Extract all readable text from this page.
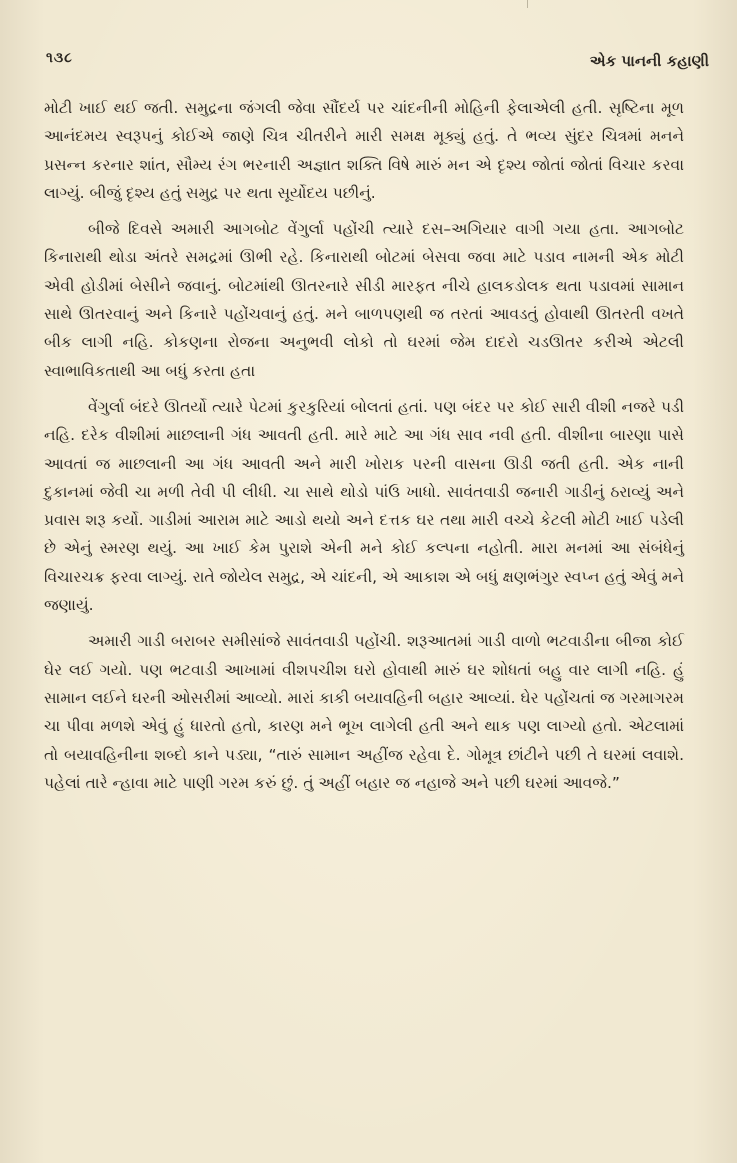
૧૩૮	એક પાનની કહાણી

મોટી ખાઈ થઈ જતી. સમુદ્રના જંગલી જેવા સૌંદર્ય પર ચાંદનીની મોહિની ફેલાએલી હતી. સૃષ્ટિના મૂળ આનંદમય સ્વરૂપનું કોઈએ જાણે ચિત્ર ચીતરીને મારી સમક્ષ મૂક્યું હતું. તે ભવ્ય સુંદર ચિત્રમાં મનને પ્રસન્ન કરનાર શાંત, સૌમ્ય રંગ ભરનારી અજ્ઞાત શક્તિ વિષે મારું મન એ દૃશ્ય જોતાં જોતાં વિચાર કરવા લાગ્યું. બીજું દૃશ્ય હતું સમુદ્ર પર થતા સૂર્યોદય પછીનું.

બીજે દિવસે અમારી આગબોટ વેંગુર્લા પહોંચી ત્યારે દસ–અગિયાર વાગી ગયા હતા. આગબોટ કિનારાથી થોડા અંતરે સમદ્રમાં ઊભી રહે. કિનારાથી બોટમાં બેસવા જવા માટે પડાવ નામની એક મોટી એવી હોડીમાં બેસીને જવાનું. બોટમાંથી ઊતરનારે સીડી મારફત નીચે હાલકડોલક થતા પડાવમાં સામાન સાથે ઊતરવાનું અને કિનારે પહોંચવાનું હતું. મને બાળપણથી જ તરતાં આવડતું હોવાથી ઊતરતી વખતે બીક લાગી નહિ. કોકણના રોજના અનુભવી લોકો તો ઘરમાં જેમ દાદરો ચડઊતર કરીએ એટલી સ્વાભાવિકતાથી આ બધું કરતા હતા

વેંગુર્લા બંદરે ઊતર્યો ત્યારે પેટમાં કુરકુરિયાં બોલતાં હતાં. પણ બંદર પર કોઈ સારી વીશી નજરે પડી નહિ. દરેક વીશીમાં માછલાની ગંધ આવતી હતી. મારે માટે આ ગંધ સાવ નવી હતી. વીશીના બારણા પાસે આવતાં જ માછલાની આ ગંધ આવતી અને મારી ખોરાક પરની વાસના ઊડી જતી હતી. એક નાની દુકાનમાં જેવી ચા મળી તેવી પી લીધી. ચા સાથે થોડો પાંઉ ખાધો. સાવંતવાડી જનારી ગાડીનું ઠરાવ્યું અને પ્રવાસ શરૂ કર્યો. ગાડીમાં આરામ માટે આડો થયો અને દત્તક ઘર તથા મારી વચ્ચે કેટલી મોટી ખાઈ પડેલી છે એનું સ્મરણ થયું. આ ખાઈ કેમ પુરાશે એની મને કોઈ કલ્પના નહોતી. મારા મનમાં આ સંબંધેનું વિચારચક્ર ફરવા લાગ્યું. રાતે જોયેલ સમુદ્ર, એ ચાંદની, એ આકાશ એ બધું ક્ષણભંગુર સ્વપ્ન હતું એવું મને જણાયું.

અમારી ગાડી બરાબર સમીસાંજે સાવંતવાડી પહોંચી. શરૂઆતમાં ગાડી વાળો ભટવાડીના બીજા કોઈ ઘેર લઈ ગયો. પણ ભટવાડી આખામાં વીશપચીશ ઘરો હોવાથી મારું ઘર શોધતાં બહુ વાર લાગી નહિ. હું સામાન લઈને ઘરની ઓસરીમાં આવ્યો. મારાં કાકી બયાવહિની બહાર આવ્યાં. ઘેર પહોંચતાં જ ગરમાગરમ ચા પીવા મળશે એવું હું ધારતો હતો, કારણ મને ભૂખ લાગેલી હતી અને થાક પણ લાગ્યો હતો. એટલામાં તો બયાવહિનીના શબ્દો કાને પડ્યા, “તારું સામાન અહીંજ રહેવા દે. ગોમૂત્ર છાંટીને પછી તે ઘરમાં લવાશે. પહેલાં તારે ન્હાવા માટે પાણી ગરમ કરું છું. તું અહીં બહાર જ નહાજે અને પછી ઘરમાં આવજે.”
